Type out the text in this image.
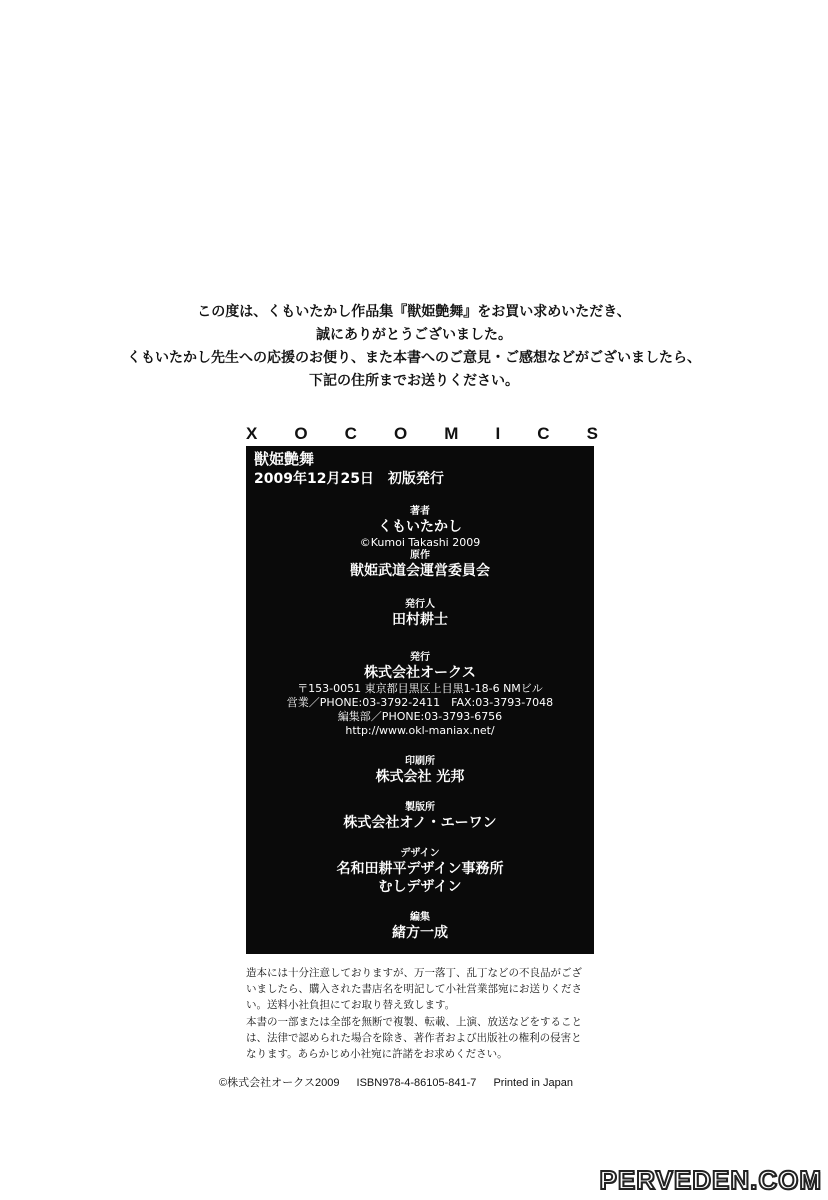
この度は、くもいたかし作品集『獣姫艶舞』をお買い求めいただき、
誠にありがとうございました。
くもいたかし先生への応援のお便り、また本書へのご意見・ご感想などがございましたら、
下記の住所までお送りください。
X O C O M I C S
獣姫艶舞
2009年12月25日　初版発行
著者
くもいたかし
©Kumoi Takashi 2009
原作
獣姫武道会運営委員会
発行人
田村耕士
発行
株式会社オークス
〒153-0051 東京都目黒区上目黒1-18-6 NMビル
営業／PHONE:03-3792-2411　FAX:03-3793-7048
編集部／PHONE:03-3793-6756
http://www.okl-maniax.net/
印刷所
株式会社 光邦
製版所
株式会社オノ・エーワン
デザイン
名和田耕平デザイン事務所
むしデザイン
編集
緒方一成
造本には十分注意しておりますが、万一落丁、乱丁などの不良品がござ
いましたら、購入された書店名を明記して小社営業部宛にお送りくださ
い。送料小社負担にてお取り替え致します。
本書の一部または全部を無断で複製、転載、上演、放送などをすること
は、法律で認められた場合を除き、著作者および出版社の権利の侵害と
なります。あらかじめ小社宛に許諾をお求めください。
©株式会社オークス2009 ISBN978-4-86105-841-7 Printed in Japan
PERVEDEN.COM
